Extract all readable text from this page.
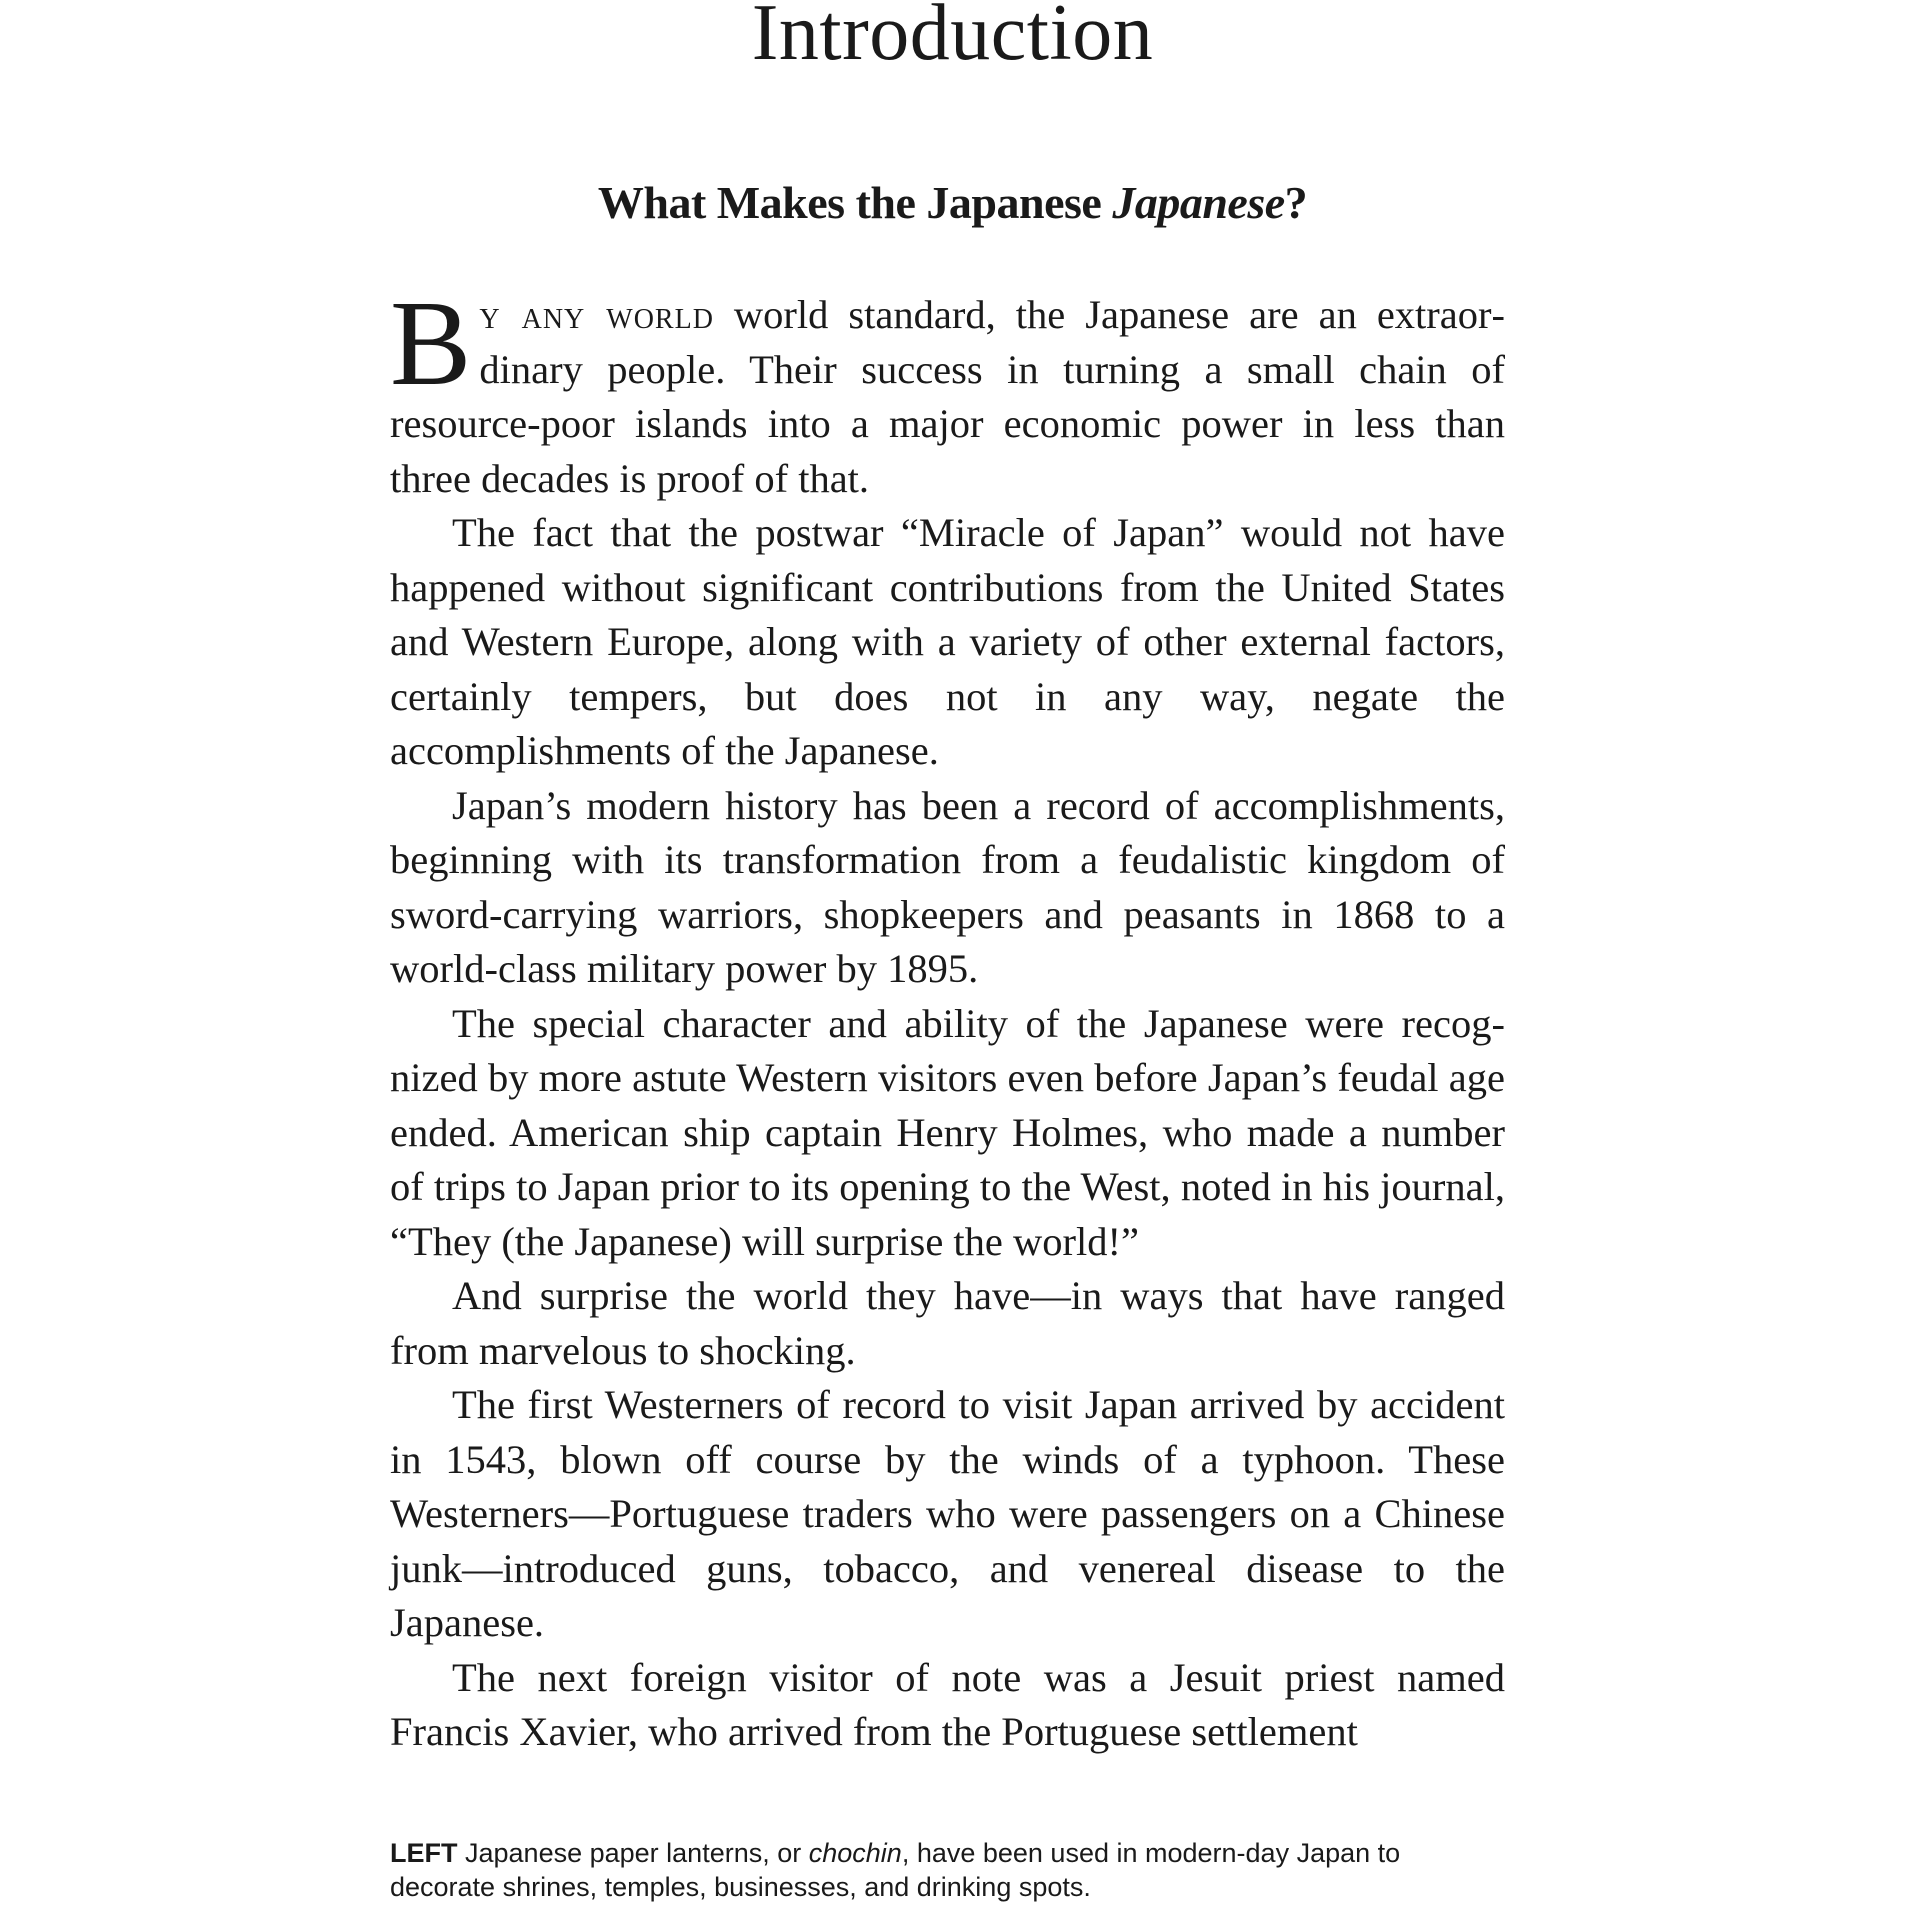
Introduction
What Makes the Japanese Japanese?

By any world world standard, the Japanese are an extraordinary people. Their success in turning a small chain of resource-poor islands into a major economic power in less than three decades is proof of that.

The fact that the postwar “Miracle of Japan” would not have happened without significant contributions from the United States and Western Europe, along with a variety of other external factors, certainly tempers, but does not in any way, negate the accomplishments of the Japanese.

Japan’s modern history has been a record of accomplishments, beginning with its transformation from a feudalistic kingdom of sword-carrying warriors, shopkeepers and peasants in 1868 to a world-class military power by 1895.

The special character and ability of the Japanese were recognized by more astute Western visitors even before Japan’s feudal age ended. American ship captain Henry Holmes, who made a number of trips to Japan prior to its opening to the West, noted in his journal, “They (the Japanese) will surprise the world!”

And surprise the world they have—in ways that have ranged from marvelous to shocking.

The first Westerners of record to visit Japan arrived by accident in 1543, blown off course by the winds of a typhoon. These Westerners—Portuguese traders who were passengers on a Chinese junk—introduced guns, tobacco, and venereal disease to the Japanese.

The next foreign visitor of note was a Jesuit priest named Francis Xavier, who arrived from the Portuguese settlement

LEFT Japanese paper lanterns, or chochin, have been used in modern-day Japan to decorate shrines, temples, businesses, and drinking spots.
